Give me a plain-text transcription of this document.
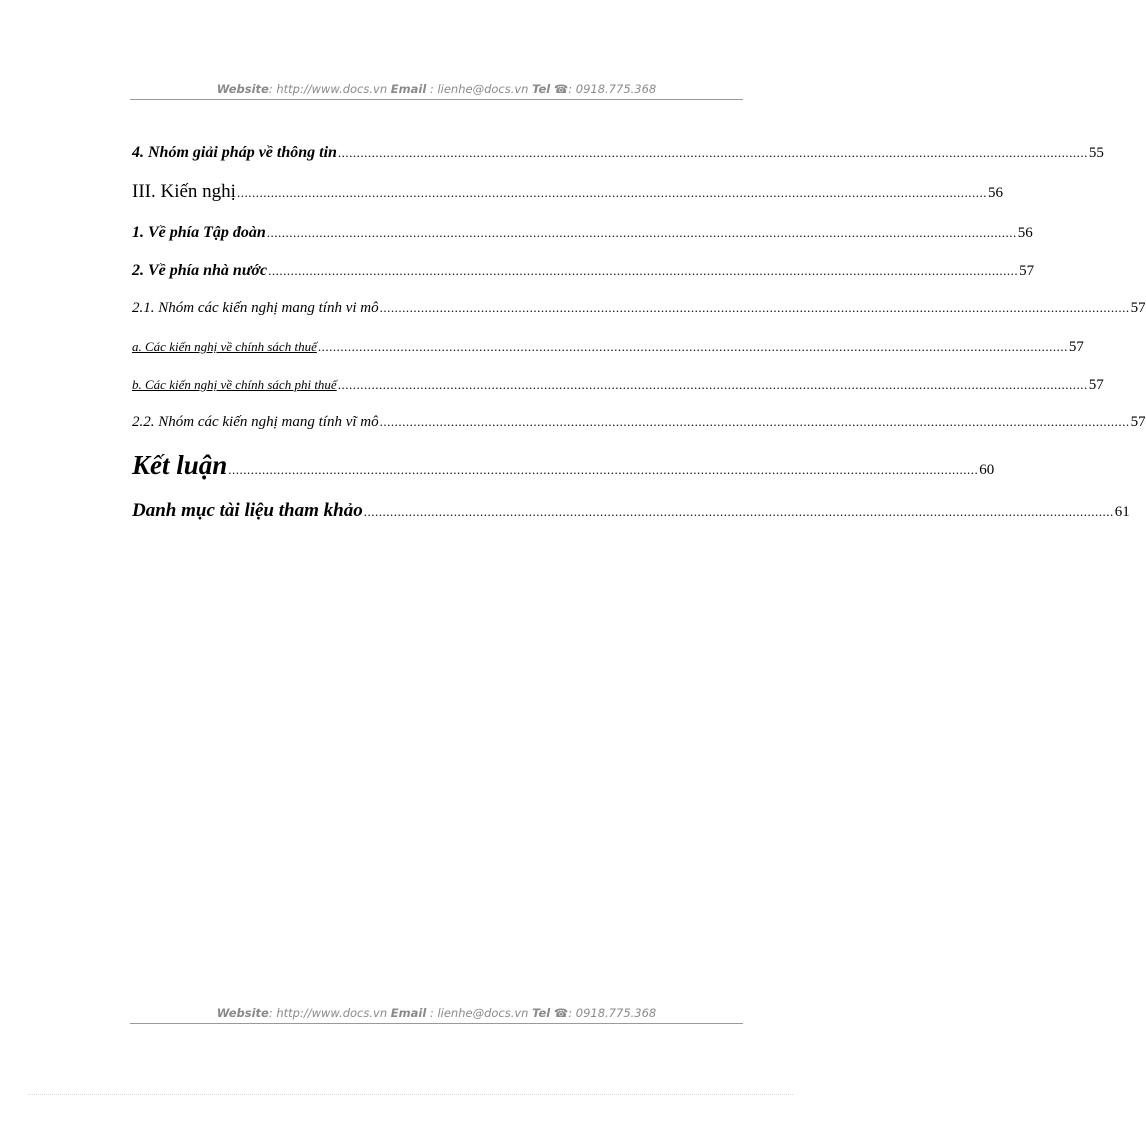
Website: http://www.docs.vn Email : lienhe@docs.vn Tel ☎: 0918.775.368
4. Nhóm giải pháp về thông tin ........................................................................................................................................................................................................ 55
III. Kiến nghị ........................................................................................................................................................................................................ 56
1. Về phía Tập đoàn ........................................................................................................................................................................................................ 56
2. Về phía nhà nước ........................................................................................................................................................................................................ 57
2.1. Nhóm các kiến nghị mang tính vi mô ........................................................................................................................................................................................................ 57
a. Các kiến nghị về chính sách thuế ........................................................................................................................................................................................................ 57
b. Các kiến nghị về chính sách phi thuế ........................................................................................................................................................................................................ 57
2.2. Nhóm các kiến nghị mang tính vĩ mô ........................................................................................................................................................................................................ 57
Kết luận ........................................................................................................................................................................................................ 60
Danh mục tài liệu tham khảo ........................................................................................................................................................................................................ 61
Website: http://www.docs.vn Email : lienhe@docs.vn Tel ☎: 0918.775.368
